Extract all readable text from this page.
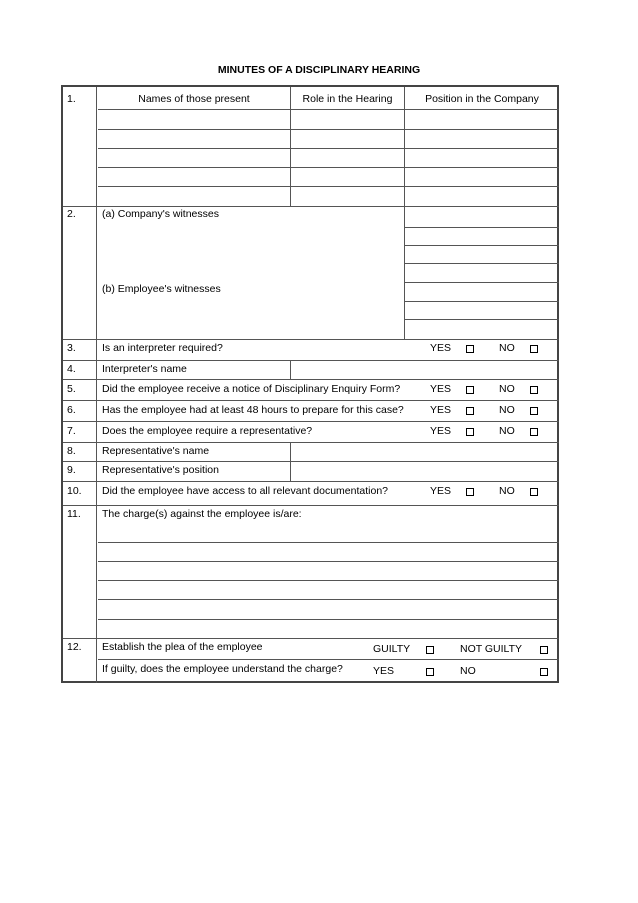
MINUTES OF A DISCIPLINARY HEARING
1.	Names of those present	Role in the Hearing	Position in the Company
2. (a) Company's witnesses
(b) Employee's witnesses
3. Is an interpreter required?	YES	NO
4. Interpreter's name
5. Did the employee receive a notice of Disciplinary Enquiry Form?	YES	NO
6. Has the employee had at least 48 hours to prepare for this case? YES	NO
7. Does the employee require a representative?	YES	NO
8. Representative's name
9. Representative's position
10. Did the employee have access to all relevant documentation?	YES	NO
11. The charge(s) against the employee is/are:
12. Establish the plea of the employee	GUILTY	NOT GUILTY
If guilty, does the employee understand the charge?	YES	NO
